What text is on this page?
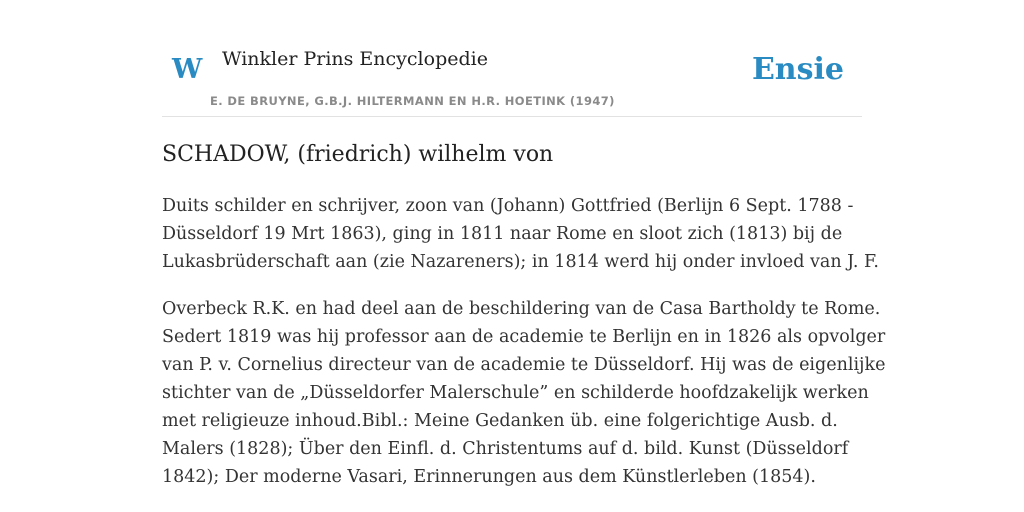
W Winkler Prins Encyclopedie
E. DE BRUYNE, G.B.J. HILTERMANN EN H.R. HOETINK (1947)
Ensie
SCHADOW, (friedrich) wilhelm von

Duits schilder en schrijver, zoon van (Johann) Gottfried (Berlijn 6 Sept. 1788 -
Düsseldorf 19 Mrt 1863), ging in 1811 naar Rome en sloot zich (1813) bij de
Lukasbrüderschaft aan (zie Nazareners); in 1814 werd hij onder invloed van J. F.

Overbeck R.K. en had deel aan de beschildering van de Casa Bartholdy te Rome.
Sedert 1819 was hij professor aan de academie te Berlijn en in 1826 als opvolger
van P. v. Cornelius directeur van de academie te Düsseldorf. Hij was de eigenlijke
stichter van de „Düsseldorfer Malerschule” en schilderde hoofdzakelijk werken
met religieuze inhoud.Bibl.: Meine Gedanken üb. eine folgerichtige Ausb. d.
Malers (1828); Über den Einfl. d. Christentums auf d. bild. Kunst (Düsseldorf
1842); Der moderne Vasari, Erinnerungen aus dem Künstlerleben (1854).
